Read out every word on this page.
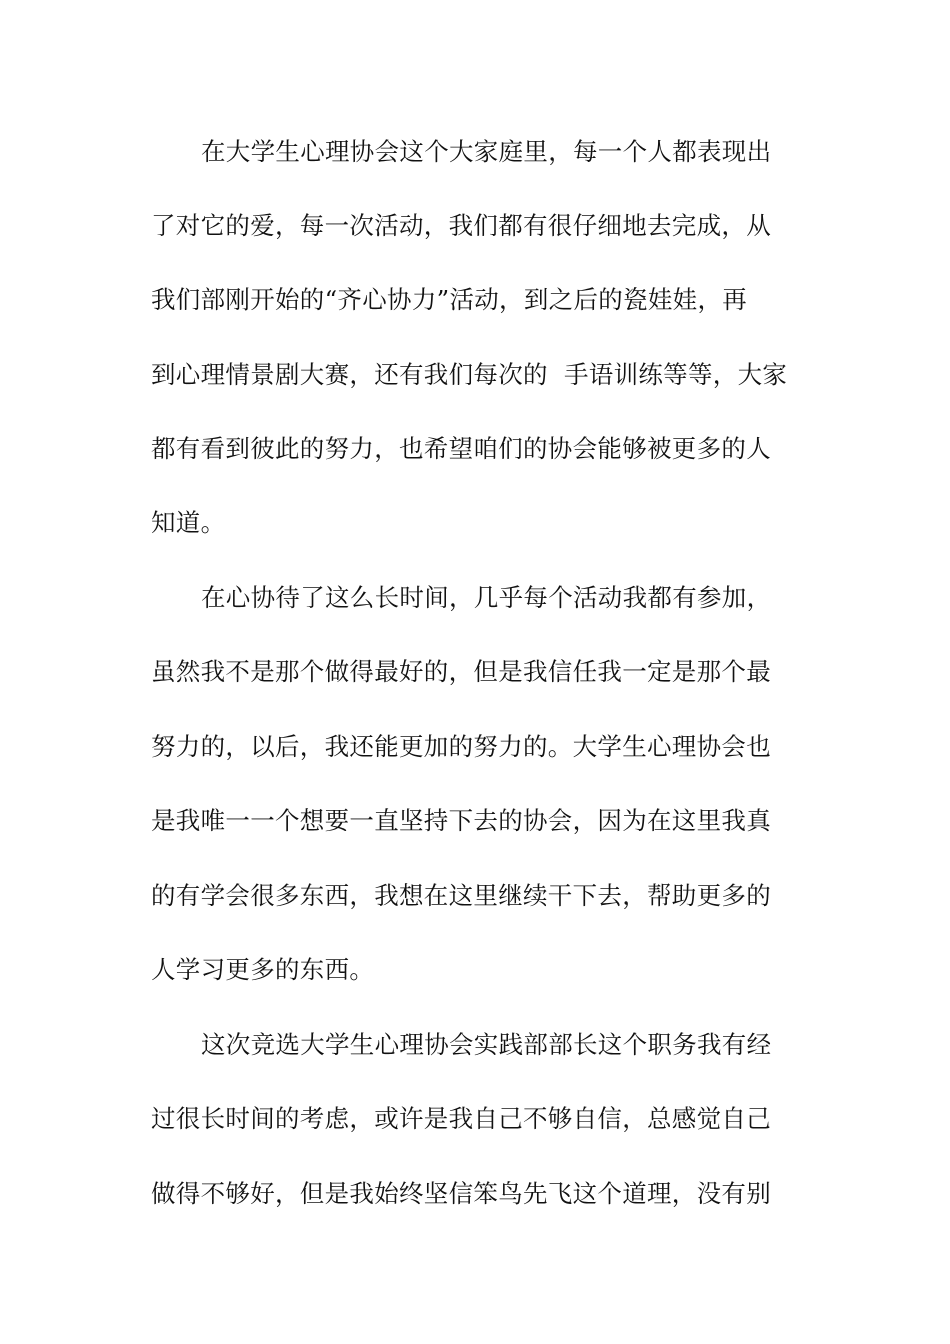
在大学生心理协会这个大家庭里，每一个人都表现出
了对它的爱，每一次活动，我们都有很仔细地去完成，从
我们部刚开始的“齐心协力”活动，到之后的瓷娃娃，再
到心理情景剧大赛，还有我们每次的  手语训练等等，大家
都有看到彼此的努力，也希望咱们的协会能够被更多的人
知道。
在心协待了这么长时间，几乎每个活动我都有参加，
虽然我不是那个做得最好的，但是我信任我一定是那个最
努力的，以后，我还能更加的努力的。大学生心理协会也
是我唯一一个想要一直坚持下去的协会，因为在这里我真
的有学会很多东西，我想在这里继续干下去，帮助更多的
人学习更多的东西。
这次竞选大学生心理协会实践部部长这个职务我有经
过很长时间的考虑，或许是我自己不够自信，总感觉自己
做得不够好，但是我始终坚信笨鸟先飞这个道理，没有别
